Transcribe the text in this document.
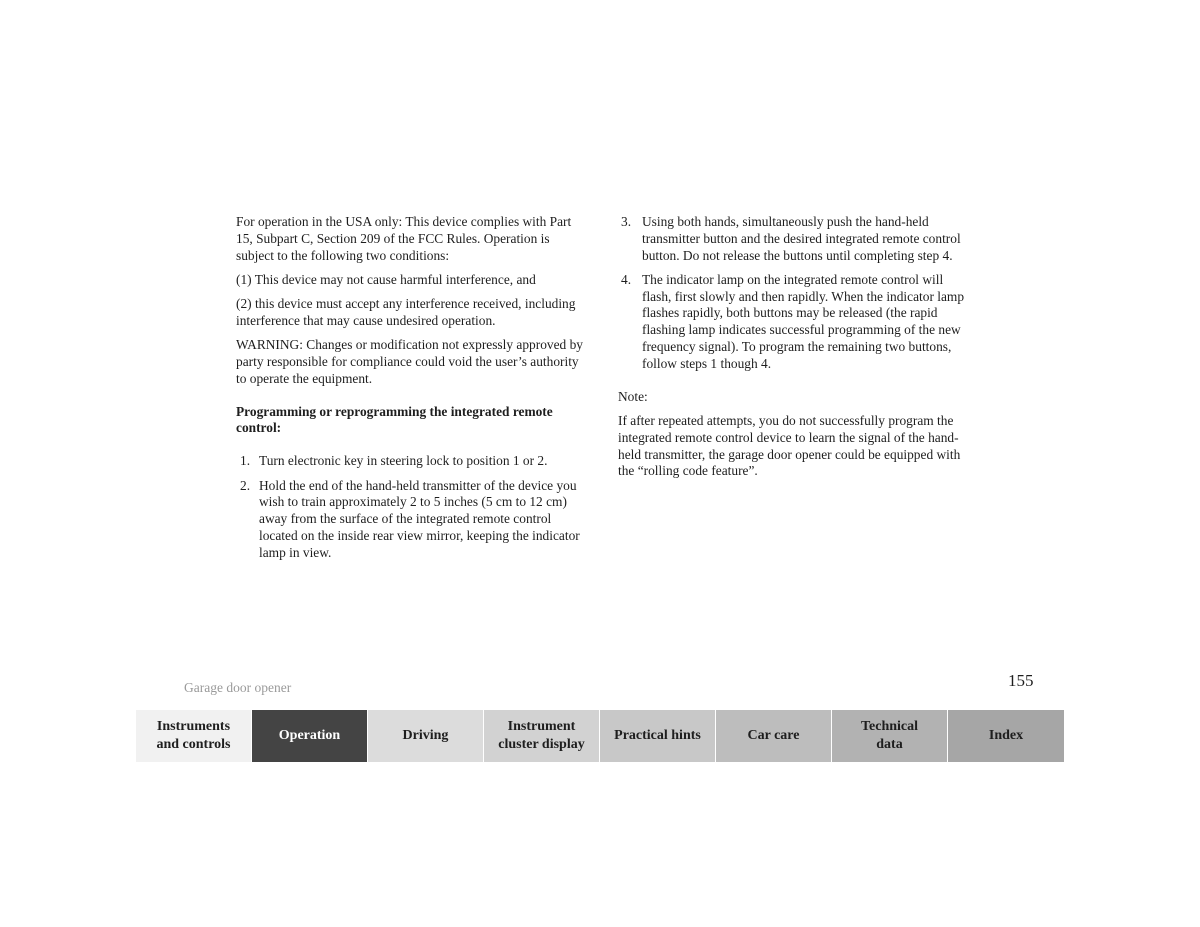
For operation in the USA only: This device complies with Part 15, Subpart C, Section 209 of the FCC Rules. Operation is subject to the following two conditions:

(1) This device may not cause harmful interference, and

(2) this device must accept any interference received, including interference that may cause undesired operation.

WARNING: Changes or modification not expressly approved by party responsible for compliance could void the user’s authority to operate the equipment.

Programming or reprogramming the integrated remote control:

1. Turn electronic key in steering lock to position 1 or 2.
2. Hold the end of the hand-held transmitter of the device you wish to train approximately 2 to 5 inches (5 cm to 12 cm) away from the surface of the integrated remote control located on the inside rear view mirror, keeping the indicator lamp in view.
3. Using both hands, simultaneously push the hand-held transmitter button and the desired integrated remote control button. Do not release the buttons until completing step 4.
4. The indicator lamp on the integrated remote control will flash, first slowly and then rapidly. When the indicator lamp flashes rapidly, both buttons may be released (the rapid flashing lamp indicates successful programming of the new frequency signal). To program the remaining two buttons, follow steps 1 though 4.

Note:

If after repeated attempts, you do not successfully program the integrated remote control device to learn the signal of the hand-held transmitter, the garage door opener could be equipped with the “rolling code feature”.

Garage door opener	155
Instruments
and controls
Operation	Driving
Instrument
cluster display
Practical hints	Car care
Technical
data
Index
